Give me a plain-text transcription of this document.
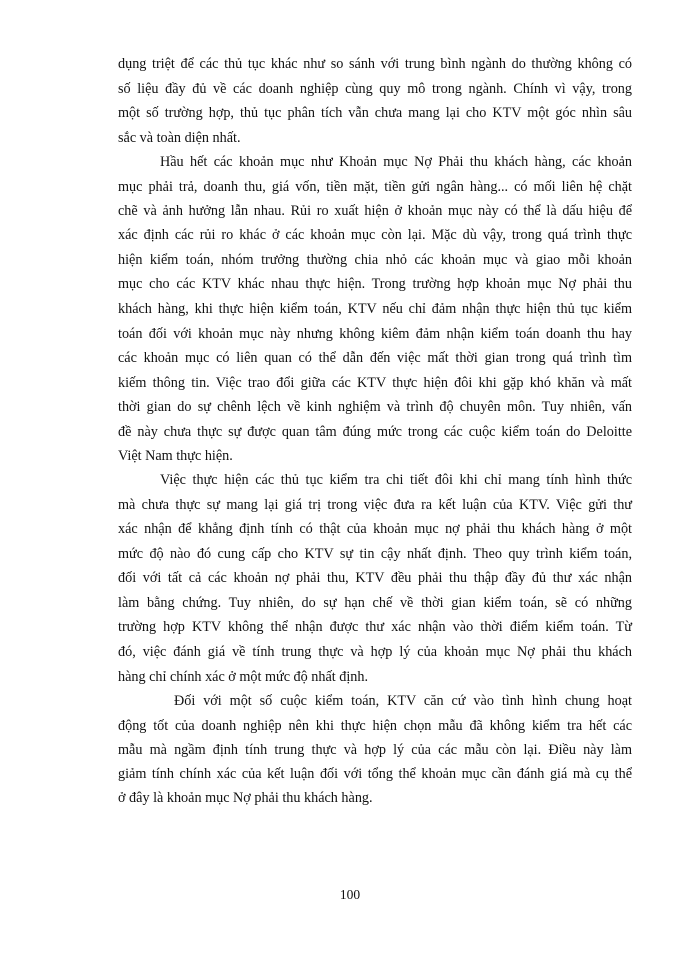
dụng triệt để các thủ tục khác như so sánh với trung bình ngành do thường không có
số liệu đầy đủ về các doanh nghiệp cùng quy mô trong ngành. Chính vì vậy, trong
một số trường hợp, thủ tục phân tích vẫn chưa mang lại cho KTV một góc nhìn sâu
sắc và toàn diện nhất.
Hầu hết các khoản mục như Khoản mục Nợ Phải thu khách hàng, các khoản
mục phải trả, doanh thu, giá vốn, tiền mặt, tiền gửi ngân hàng... có mối liên hệ chặt
chẽ và ảnh hưởng lẫn nhau. Rủi ro xuất hiện ở khoản mục này có thể là dấu hiệu để
xác định các rủi ro khác ở các khoản mục còn lại. Mặc dù vậy, trong quá trình thực
hiện kiểm toán, nhóm trưởng thường chia nhỏ các khoản mục và giao mỗi khoản
mục cho các KTV khác nhau thực hiện. Trong trường hợp khoản mục Nợ phải thu
khách hàng, khi thực hiện kiểm toán, KTV nếu chỉ đảm nhận thực hiện thủ tục kiểm
toán đối với khoản mục này nhưng không kiêm đảm nhận kiểm toán doanh thu hay
các khoản mục có liên quan có thể dẫn đến việc mất thời gian trong quá trình tìm
kiếm thông tin. Việc trao đổi giữa các KTV thực hiện đôi khi gặp khó khăn và mất
thời gian do sự chênh lệch về kinh nghiệm và trình độ chuyên môn. Tuy nhiên, vấn
đề này chưa thực sự được quan tâm đúng mức trong các cuộc kiểm toán do Deloitte
Việt Nam thực hiện.
Việc thực hiện các thủ tục kiểm tra chi tiết đôi khi chỉ mang tính hình thức
mà chưa thực sự mang lại giá trị trong việc đưa ra kết luận của KTV. Việc gửi thư
xác nhận để khẳng định tính có thật của khoản mục nợ phải thu khách hàng ở một
mức độ nào đó cung cấp cho KTV sự tin cậy nhất định. Theo quy trình kiểm toán,
đối với tất cả các khoản nợ phải thu, KTV đều phải thu thập đầy đủ thư xác nhận
làm bằng chứng. Tuy nhiên, do sự hạn chế về thời gian kiểm toán, sẽ có những
trường hợp KTV không thể nhận được thư xác nhận vào thời điểm kiểm toán. Từ
đó, việc đánh giá về tính trung thực và hợp lý của khoản mục Nợ phải thu khách
hàng chỉ chính xác ở một mức độ nhất định.
Đối với một số cuộc kiểm toán, KTV căn cứ vào tình hình chung hoạt
động tốt của doanh nghiệp nên khi thực hiện chọn mẫu đã không kiểm tra hết các
mẫu mà ngầm định tính trung thực và hợp lý của các mẫu còn lại. Điều này làm
giảm tính chính xác của kết luận đối với tổng thể khoản mục cần đánh giá mà cụ thể
ở đây là khoản mục Nợ phải thu khách hàng.
100
